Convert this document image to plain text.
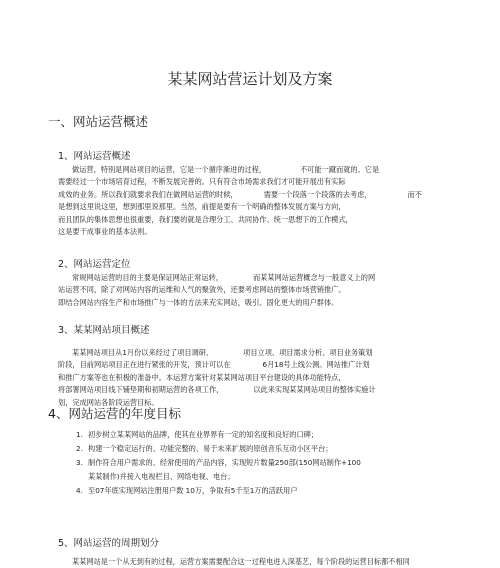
某某网站营运计划及方案
一、网站运营概述
1、网站运营概述

做运营，特别是网站项目的运营，它是一个循序渐进的过程，	不可能一蹴而就的。它是
需要经过一个市场培育过程，不断发展完善的。只有符合市场需求我们才可能开展出有实际
成效的业务。所以我们就要求我们在做网站运营的时候，	需要一个段落一个段落的去考虑，	而不
是想到这里说这里，想到那里说那里。当然，前提是要有一个明确的整体发展方案与方向，
而且团队的集体思想也很重要，我们要的就是合理分工、共同协作、统一思想下的工作模式，
这是要干成事业的基本法则。

2、网站运营定位

常规网站运营的目的主要是保证网站正常运转，	而某某网站运营概念与一般意义上的网
站运营不同，除了对网站内容的运维和人气的聚敛外，还要考虑网站的整体市场营销推广。
即结合网站内容生产和市场推广与一体的方法来充实网站，吸引、固化更大的用户群体。

3、某某网站项目概述

某某网站项目从1月份以来经过了项目调研、	项目立项、项目需求分析、项目业务策划
阶段，目前网站项目正在进行紧张的开发，预计可以在	6月18号上线公测。网站推广计划
和推广方案等也在积极的准备中。本运营方案针对某某网站项目平台建设的具体功能特点，
将部署网站项目线下铺垫期和初期运营的各项工作，	以此来实现某某网站项目的整体实施计
划，完成网站各阶段运营目标。

4、网站运营的年度目标
1. 初步树立某某网站的品牌，使其在业界界有一定的知名度和良好的口碑；
2. 构建一个稳定运行的、功能完整的、易于未来扩展的原创音乐互动小区平台；
3. 制作符合用户需求的、经常使用的产品内容，实现短片数量250部(150网站制作+100
某某制作)并接入电视栏目、网络电视、电台；
4. 至07年底实现网站注册用户数 10万，争取有5千至1万的活跃用户
5、网站运营的周期划分

某某网站是一个从无到有的过程，运营方案需要配合这一过程电进入深基艺，每个阶段的运营目标都不相同
